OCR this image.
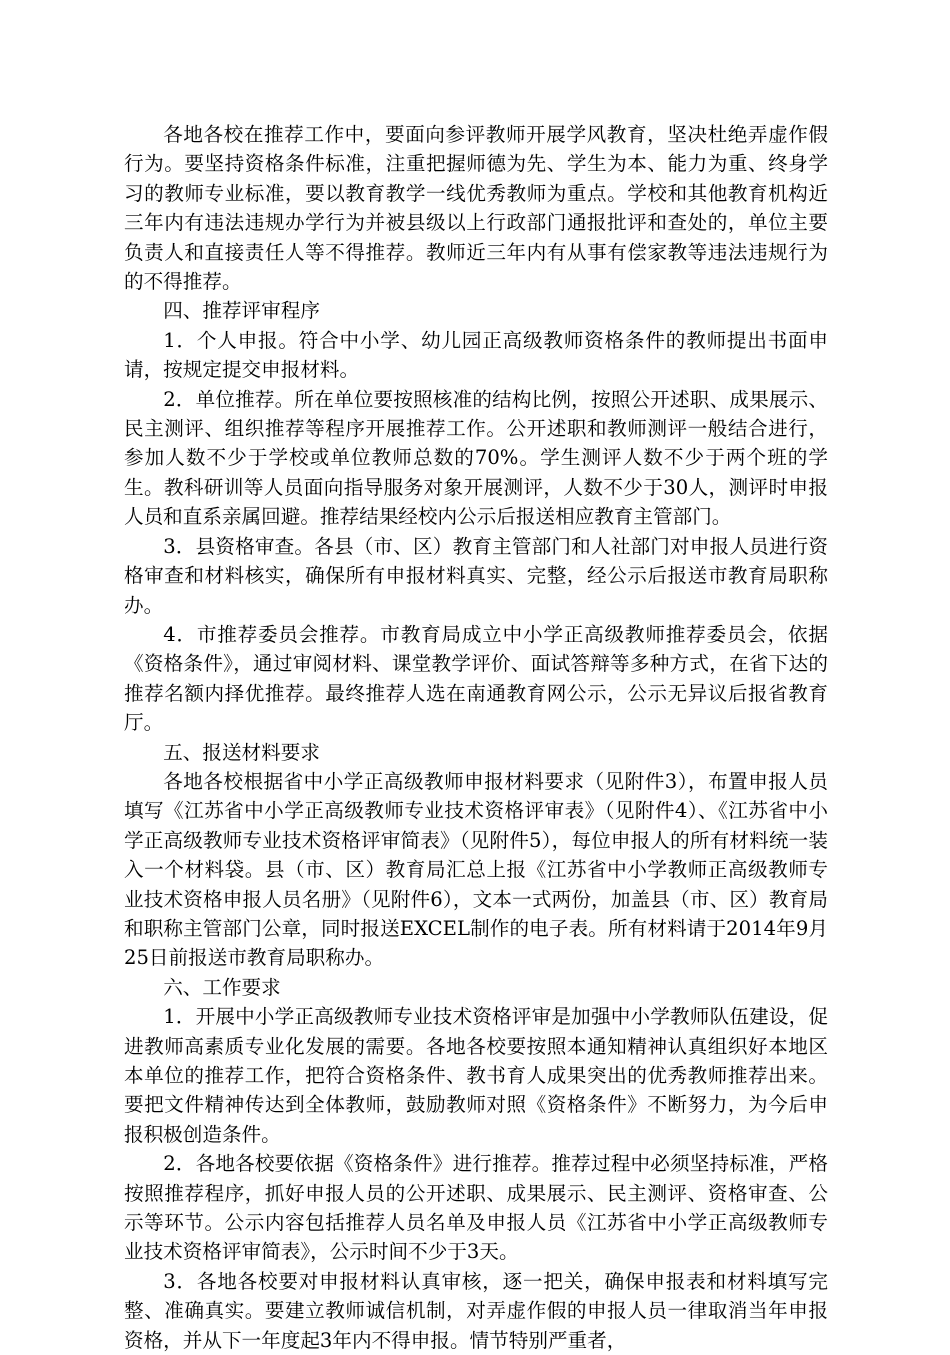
各地各校在推荐工作中，要面向参评教师开展学风教育，坚决杜绝弄虚作假行为。要坚持资格条件标准，注重把握师德为先、学生为本、能力为重、终身学习的教师专业标准，要以教育教学一线优秀教师为重点。学校和其他教育机构近三年内有违法违规办学行为并被县级以上行政部门通报批评和查处的，单位主要负责人和直接责任人等不得推荐。教师近三年内有从事有偿家教等违法违规行为的不得推荐。

四、推荐评审程序

1．个人申报。符合中小学、幼儿园正高级教师资格条件的教师提出书面申请，按规定提交申报材料。

2．单位推荐。所在单位要按照核准的结构比例，按照公开述职、成果展示、民主测评、组织推荐等程序开展推荐工作。公开述职和教师测评一般结合进行，参加人数不少于学校或单位教师总数的70%。学生测评人数不少于两个班的学生。教科研训等人员面向指导服务对象开展测评，人数不少于30人，测评时申报人员和直系亲属回避。推荐结果经校内公示后报送相应教育主管部门。

3．县资格审查。各县（市、区）教育主管部门和人社部门对申报人员进行资格审查和材料核实，确保所有申报材料真实、完整，经公示后报送市教育局职称办。

4．市推荐委员会推荐。市教育局成立中小学正高级教师推荐委员会，依据《资格条件》，通过审阅材料、课堂教学评价、面试答辩等多种方式，在省下达的推荐名额内择优推荐。最终推荐人选在南通教育网公示，公示无异议后报省教育厅。

五、报送材料要求

各地各校根据省中小学正高级教师申报材料要求（见附件3），布置申报人员填写《江苏省中小学正高级教师专业技术资格评审表》（见附件4）、《江苏省中小学正高级教师专业技术资格评审简表》（见附件5），每位申报人的所有材料统一装入一个材料袋。县（市、区）教育局汇总上报《江苏省中小学教师正高级教师专业技术资格申报人员名册》（见附件6），文本一式两份，加盖县（市、区）教育局和职称主管部门公章，同时报送EXCEL制作的电子表。所有材料请于2014年9月25日前报送市教育局职称办。

六、工作要求

1．开展中小学正高级教师专业技术资格评审是加强中小学教师队伍建设，促进教师高素质专业化发展的需要。各地各校要按照本通知精神认真组织好本地区本单位的推荐工作，把符合资格条件、教书育人成果突出的优秀教师推荐出来。要把文件精神传达到全体教师，鼓励教师对照《资格条件》不断努力，为今后申报积极创造条件。

2．各地各校要依据《资格条件》进行推荐。推荐过程中必须坚持标准，严格按照推荐程序，抓好申报人员的公开述职、成果展示、民主测评、资格审查、公示等环节。公示内容包括推荐人员名单及申报人员《江苏省中小学正高级教师专业技术资格评审简表》，公示时间不少于3天。

3．各地各校要对申报材料认真审核，逐一把关，确保申报表和材料填写完整、准确真实。要建立教师诚信机制，对弄虚作假的申报人员一律取消当年申报资格，并从下一年度起3年内不得申报。情节特别严重者，
